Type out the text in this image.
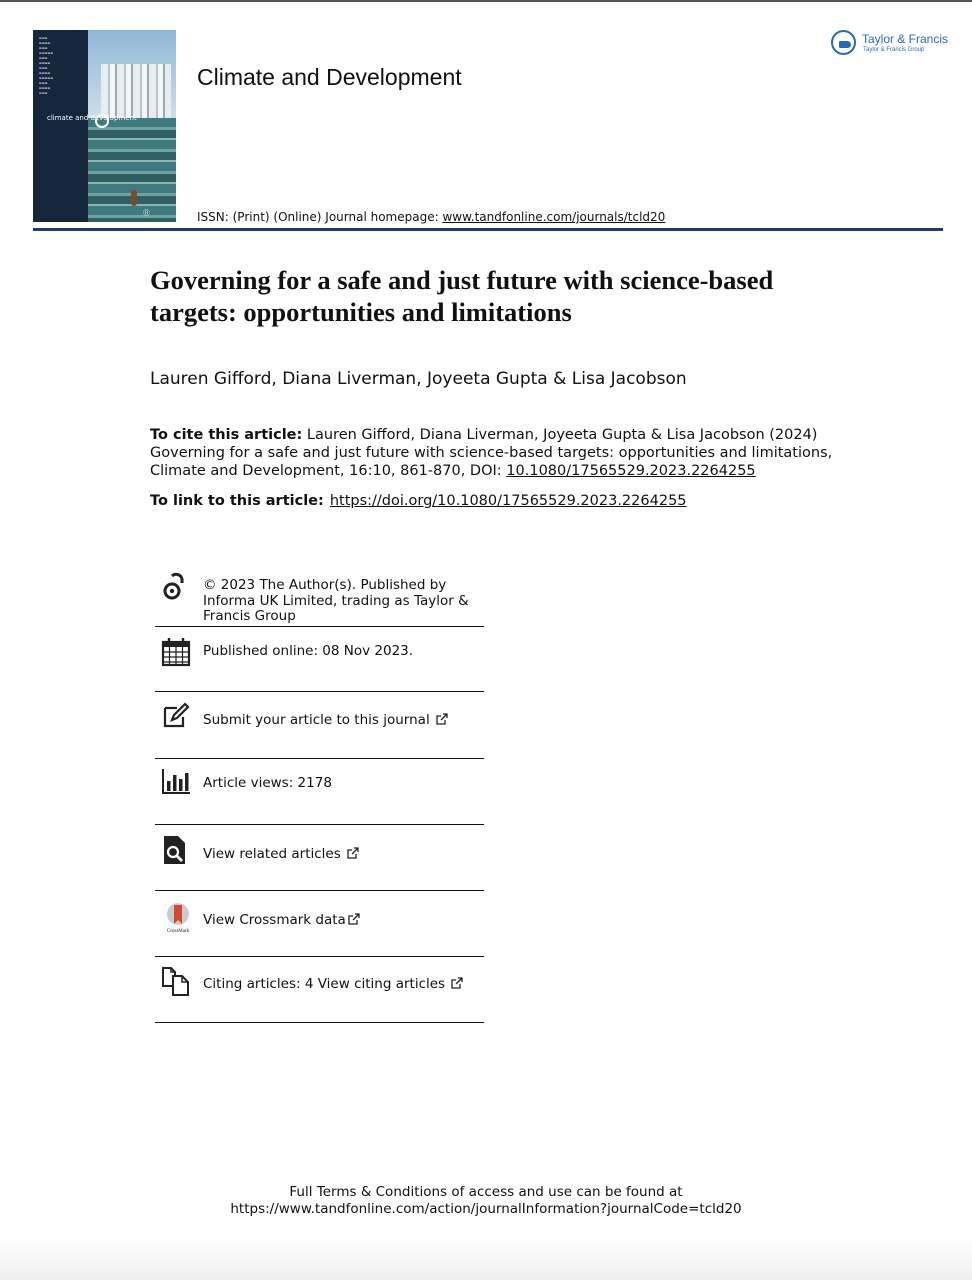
▬▬▬
▬▬▬▬
▬▬▬
▬▬▬▬▬
▬▬▬
▬▬▬▬
▬▬▬
▬▬▬▬
▬▬▬▬▬
▬▬▬
▬▬▬▬
▬▬▬
climate and development
Ⓡ
Climate and Development
Taylor & Francis
Taylor & Francis Group
ISSN: (Print) (Online) Journal homepage: www.tandfonline.com/journals/tcld20
Governing for a safe and just future with science-based targets: opportunities and limitations
Lauren Gifford, Diana Liverman, Joyeeta Gupta & Lisa Jacobson
To cite this article: Lauren Gifford, Diana Liverman, Joyeeta Gupta & Lisa Jacobson (2024) Governing for a safe and just future with science-based targets: opportunities and limitations, Climate and Development, 16:10, 861-870, DOI: 10.1080/17565529.2023.2264255
To link to this article: https://doi.org/10.1080/17565529.2023.2264255
© 2023 The Author(s). Published by Informa UK Limited, trading as Taylor & Francis Group
Published online: 08 Nov 2023.
Submit your article to this journal
Article views: 2178
View related articles
CrossMark
View Crossmark data
Citing articles: 4 View citing articles
Full Terms & Conditions of access and use can be found at
https://www.tandfonline.com/action/journalInformation?journalCode=tcld20
